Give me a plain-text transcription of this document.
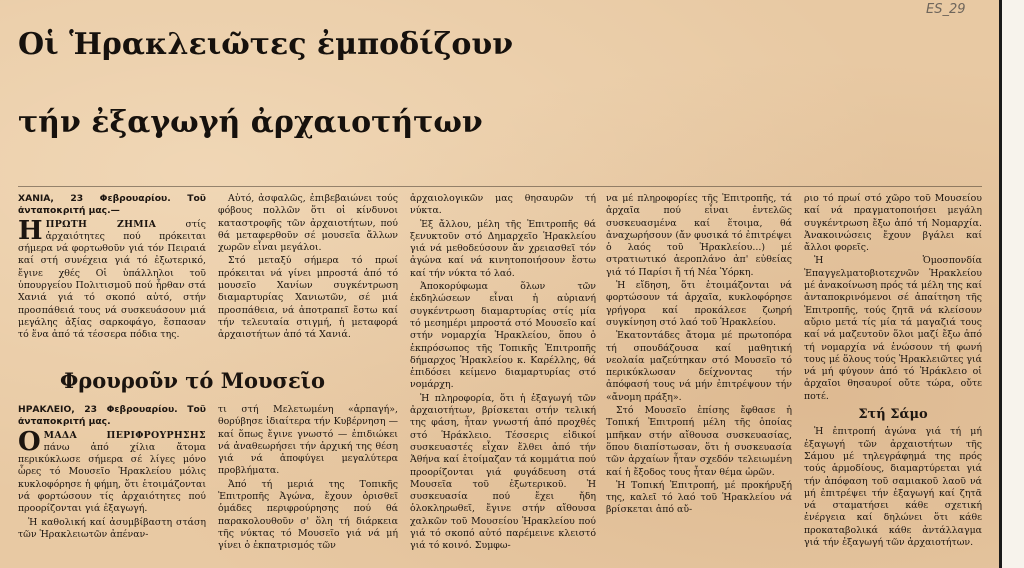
ES_29
Οἱ Ἡρακλειῶτες ἐμποδίζουν
τήν ἐξαγωγή ἀρχαιοτήτων

ΧΑΝΙΑ, 23 Φεβρουαρίου. Τοῦ ἀνταποκριτή μας.—

ΗΠΡΩΤΗ ΖΗΜΙΑ	στίς ἀρχαιότητες πού πρόκειται σήμερα νά φορτωθοῦν γιά τόν Πειραιά καί στή συνέχεια γιά τό ἐξωτερικό, ἔγινε χθές Οἱ ὑπάλληλοι τοῦ ὑπουργείου Πολιτισμοῦ πού ἦρθαν στά Χανιά γιά τό σκοπό αὐτό, στήν προσπάθειά τους νά συσκευάσουν μιά μεγάλης ἀξίας σαρκοφάγο, ἔσπασαν τό ἕνα ἀπό τά τέσσερα πόδια της.

Αὐτό, ἀσφαλῶς, ἐπιβεβαιώνει τούς φόβους πολλῶν ὅτι οἱ κίνδυνοι καταστροφῆς τῶν ἀρχαιοτήτων, πού θά μεταφερθοῦν σέ μουσεῖα ἄλλων χωρῶν εἶναι μεγάλοι.

Στό μεταξύ σήμερα τό πρωί πρόκειται νά γίνει μπροστά ἀπό τό μουσεῖο Χανίων συγκέντρωση διαμαρτυρίας Χανιωτῶν, σέ μιά προσπάθεια, νά ἀποτραπεῖ ἔστω καί τήν τελευταία στιγμή, ἡ μεταφορά ἀρχαιοτήτων ἀπό τά Χανιά.

Φρουροῦν τό Μουσεῖο

ΗΡΑΚΛΕΙΟ, 23 Φεβρουαρίου. Τοῦ ἀνταποκριτή μας.

ΟΜΑΔΑ ΠΕΡΙΦΡΟΥΡΗΣΗΣ πάνω ἀπό χίλια ἄτομα περικύκλωσε σήμερα σέ λίγες μόνο ὧρες τό Μουσεῖο Ἡρακλείου μόλις κυκλοφόρησε ἡ φήμη, ὅτι ἑτοιμάζονται νά φορτώσουν τίς ἀρχαιότητες πού προορίζονται γιά ἐξαγωγή.

Ἡ καθολική καί ἀσυμβίβαστη στάση τῶν Ἡρακλειωτῶν ἀπέναν-

τι στή Μελετωμένη «ἁρπαγή», θορύβησε ἰδιαίτερα τήν Κυβέρνηση — καί ὅπως ἔγινε γνωστό — ἐπιδιώκει νά ἀναθεωρήσει τήν ἀρχική της θέση γιά νά ἀποφύγει μεγαλύτερα προβλήματα.

Ἀπό τή μεριά της Τοπικῆς Ἐπιτροπῆς Ἀγώνα, ἔχουν ὁρισθεῖ ὁμάδες περιφρούρησης πού θά παρακολουθοῦν σ' ὅλη τή διάρκεια τῆς νύκτας τό Μουσεῖο γιά νά μή γίνει ὁ ἐκπατρισμός τῶν

ἀρχαιολογικῶν μας θησαυρῶν τή νύκτα.

Ἐξ ἄλλου, μέλη τῆς Ἐπιτροπῆς θά ξενυκτοῦν στό Δημαρχεῖο Ἡρακλείου γιά νά μεθοδεύσουν ἄν χρειασθεῖ τόν ἀγώνα καί νά κινητοποιήσουν ἔστω καί τήν νύκτα τό λαό.

Ἀποκορύφωμα ὅλων τῶν ἐκδηλώσεων εἶναι ἡ αὐριανή συγκέντρωση διαμαρτυρίας στίς μία τό μεσημέρι μπροστά στό Μουσεῖο καί στήν νομαρχία Ἡρακλείου, ὅπου ὁ ἐκπρόσωπος τῆς Τοπικῆς Ἐπιτροπῆς δήμαρχος Ἡρακλείου κ. Καρέλλης, θά ἐπιδόσει κείμενο διαμαρτυρίας στό νομάρχη.

Ἡ πληροφορία, ὅτι ἡ ἐξαγωγή τῶν ἀρχαιοτήτων, βρίσκεται στήν τελική της φάση, ἦταν γνωστή ἀπό προχθές στό Ἡράκλειο. Τέσσερις εἰδικοί συσκευαστές εἶχαν ἔλθει ἀπό τήν Ἀθήνα καί ἑτοίμαζαν τά κομμάτια πού προορίζονται γιά φυγάδευση στά Μουσεῖα τοῦ ἐξωτερικοῦ. Ἡ συσκευασία πού ἔχει ἤδη ὁλοκληρωθεῖ, ἔγινε στήν αἴθουσα χαλκῶν τοῦ Μουσείου Ἡρακλείου πού γιά τό σκοπό αὐτό παρέμεινε κλειστό γιά τό κοινό. Συμφω-

να μέ πληροφορίες τῆς Ἐπιτροπῆς, τά ἀρχαῖα πού εἶναι ἐντελῶς συσκευασμένα καί ἕτοιμα, θά ἀναχωρήσουν (ἄν φυσικά τό ἐπιτρέψει ὁ λαός τοῦ Ἡρακλείου...) μέ στρατιωτικό ἀεροπλάνο ἀπ' εὐθείας γιά τό Παρίσι ἤ τή Νέα Ὑόρκη.

Ἡ εἴδηση, ὅτι ἑτοιμάζονται νά φορτώσουν τά ἀρχαῖα, κυκλοφόρησε γρήγορα καί προκάλεσε ζωηρή συγκίνηση στό λαό τοῦ Ἡρακλείου.

Ἑκατοντάδες ἄτομα μέ πρωτοπόρα τή σπουδάζουσα καί μαθητική νεολαία μαζεύτηκαν στό Μουσεῖο τό περικύκλωσαν δείχνοντας τήν ἀπόφασή τους νά μήν ἐπιτρέψουν τήν «ἄνομη πράξη».

Στό Μουσεῖο ἐπίσης ἔφθασε ἡ Τοπική Ἐπιτροπή μέλη τῆς ὁποίας μπῆκαν στήν αἴθουσα συσκευασίας, ὅπου διαπίστωσαν, ὅτι ἡ συσκευασία τῶν ἀρχαίων ἦταν σχεδόν τελειωμένη καί ἡ ἔξοδος τους ἦταν θέμα ὡρῶν.

Ἡ Τοπική Ἐπιτροπή, μέ προκήρυξή της, καλεῖ τό λαό τοῦ Ἡρακλείου νά βρίσκεται ἀπό αὔ-

ριο τό πρωί στό χῶρο τοῦ Μουσείου καί νά πραγματοποιήσει μεγάλη συγκέντρωση ἔξω ἀπό τή Νομαρχία. Ἀνακοινώσεις ἔχουν βγάλει καί ἄλλοι φορεῖς.

Ἡ Ὁμοσπονδία Ἐπαγγελματοβιοτεχνῶν Ἡρακλείου μέ ἀνακοίνωση πρός τά μέλη της καί ἀνταποκρινόμενοι σέ ἀπαίτηση τῆς Ἐπιτροπῆς, τούς ζητᾶ νά κλείσουν αὔριο μετά τίς μία τά μαγαζιά τους καί νά μαζευτοῦν ὅλοι μαζί ἔξω ἀπό τή νομαρχία νά ἑνώσουν τή φωνή τους μέ ὅλους τούς Ἡρακλειῶτες γιά νά μή φύγουν ἀπό τό Ἡράκλειο οἱ ἀρχαῖοι θησαυροί οὔτε τώρα, οὔτε ποτέ.

Στή Σάμο

Ἡ ἐπιτροπή ἀγώνα γιά τή μή ἐξαγωγή τῶν ἀρχαιοτήτων τῆς Σάμου μέ τηλεγράφημά της πρός τούς ἁρμοδίους, διαμαρτύρεται γιά τήν ἀπόφαση τοῦ σαμιακοῦ λαοῦ νά μή ἐπιτρέψει τήν ἐξαγωγή καί ζητᾶ νά σταματήσει κάθε σχετική ἐνέργεια καί δηλώνει ὅτι κάθε προκαταβολικά κάθε ἀντάλλαγμα γιά τήν ἐξαγωγή τῶν ἀρχαιοτήτων.
